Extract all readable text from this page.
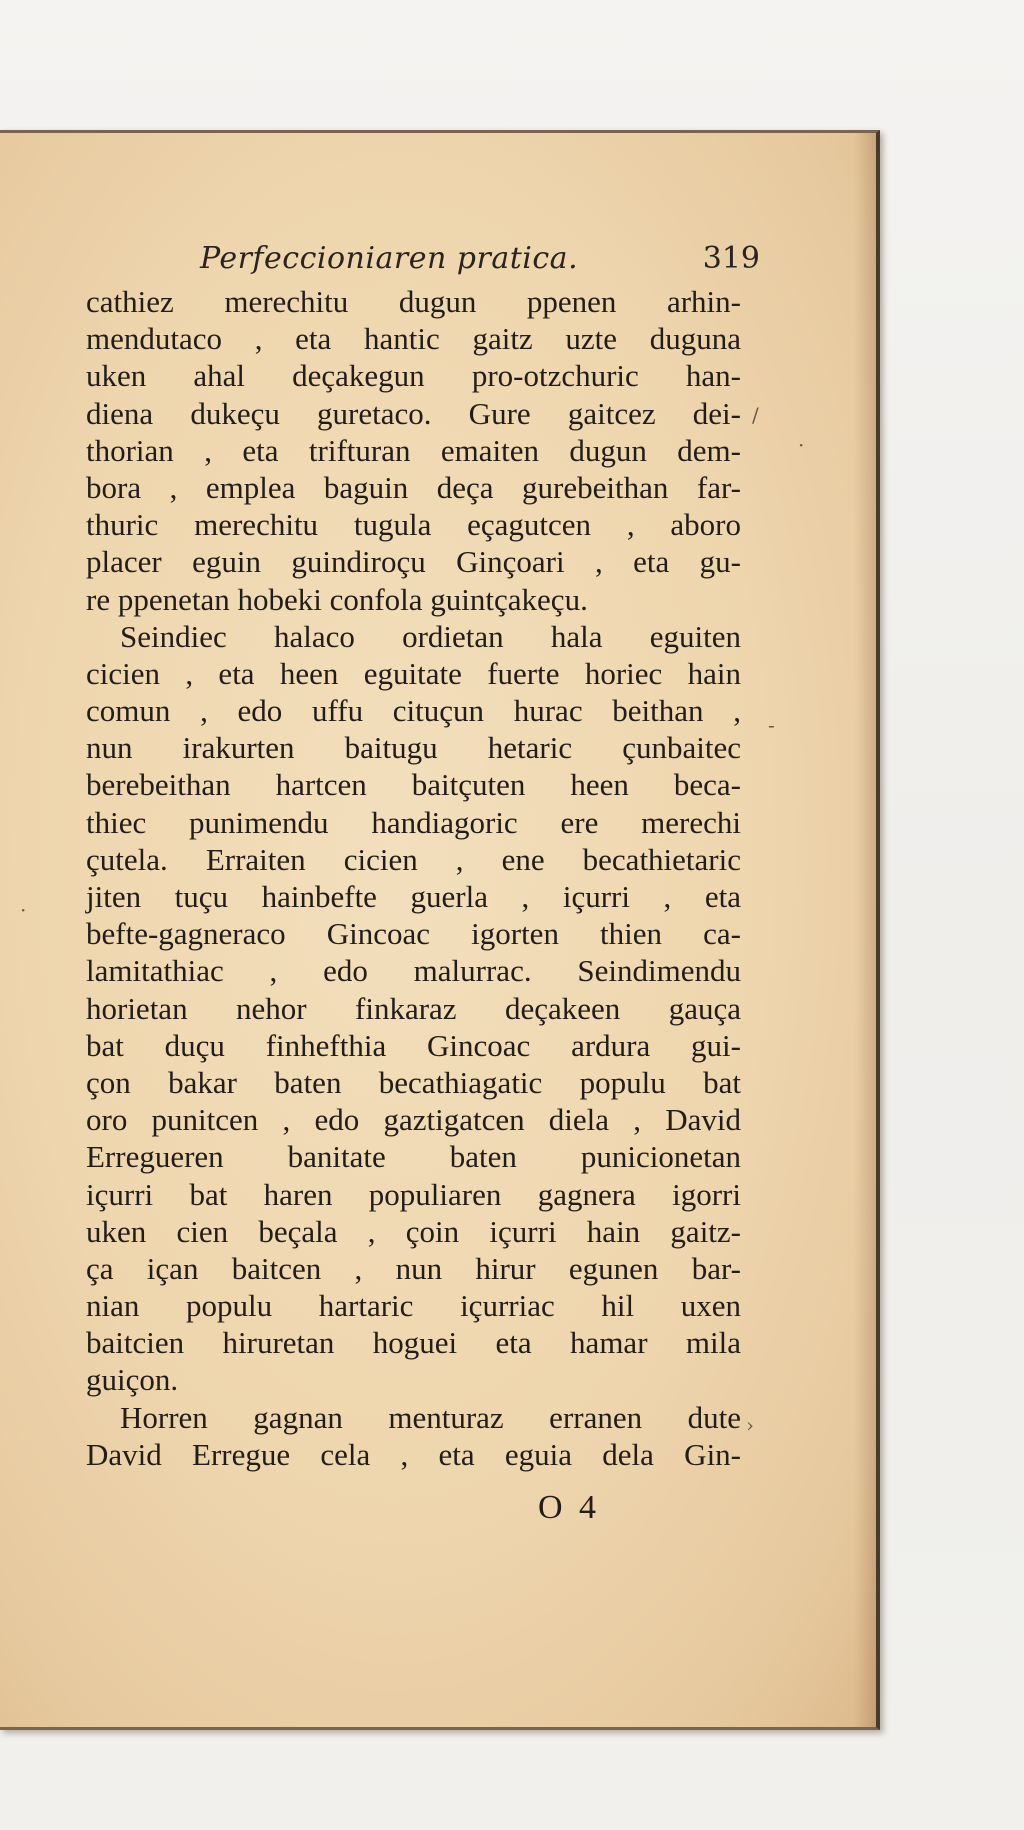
Perfeccioniaren pratica.	319
cathiez merechitu dugun ppenen arhin-
mendutaco , eta hantic gaitz uzte duguna
uken ahal deçakegun pro-otzchuric han-
diena dukeçu guretaco. Gure gaitcez dei-
thorian , eta trifturan emaiten dugun dem-
bora , emplea baguin deça gurebeithan far-
thuric merechitu tugula eçagutcen , aboro
placer eguin guindiroçu Ginçoari , eta gu-
re ppenetan hobeki confola guintçakeçu.
Seindiec halaco ordietan hala eguiten
cicien , eta heen eguitate fuerte horiec hain
comun , edo uffu cituçun hurac beithan ,
nun irakurten baitugu hetaric çunbaitec
berebeithan hartcen baitçuten heen beca-
thiec punimendu handiagoric ere merechi
çutela. Erraiten cicien , ene becathietaric
jiten tuçu hainbefte guerla , içurri , eta
befte-gagneraco Gincoac igorten thien ca-
lamitathiac , edo malurrac. Seindimendu
horietan nehor finkaraz deçakeen gauça
bat duçu finhefthia Gincoac ardura gui-
çon bakar baten becathiagatic populu bat
oro punitcen , edo gaztigatcen diela , David
Erregueren banitate baten punicionetan
içurri bat haren populiaren gagnera igorri
uken cien beçala , çoin içurri hain gaitz-
ça içan baitcen , nun hirur egunen bar-
nian populu hartaric içurriac hil uxen
baitcien hiruretan hoguei eta hamar mila
guiçon.
Horren gagnan menturaz erranen dute
David Erregue cela , eta eguia dela Gin-
O 4
/
·
·
-
›
